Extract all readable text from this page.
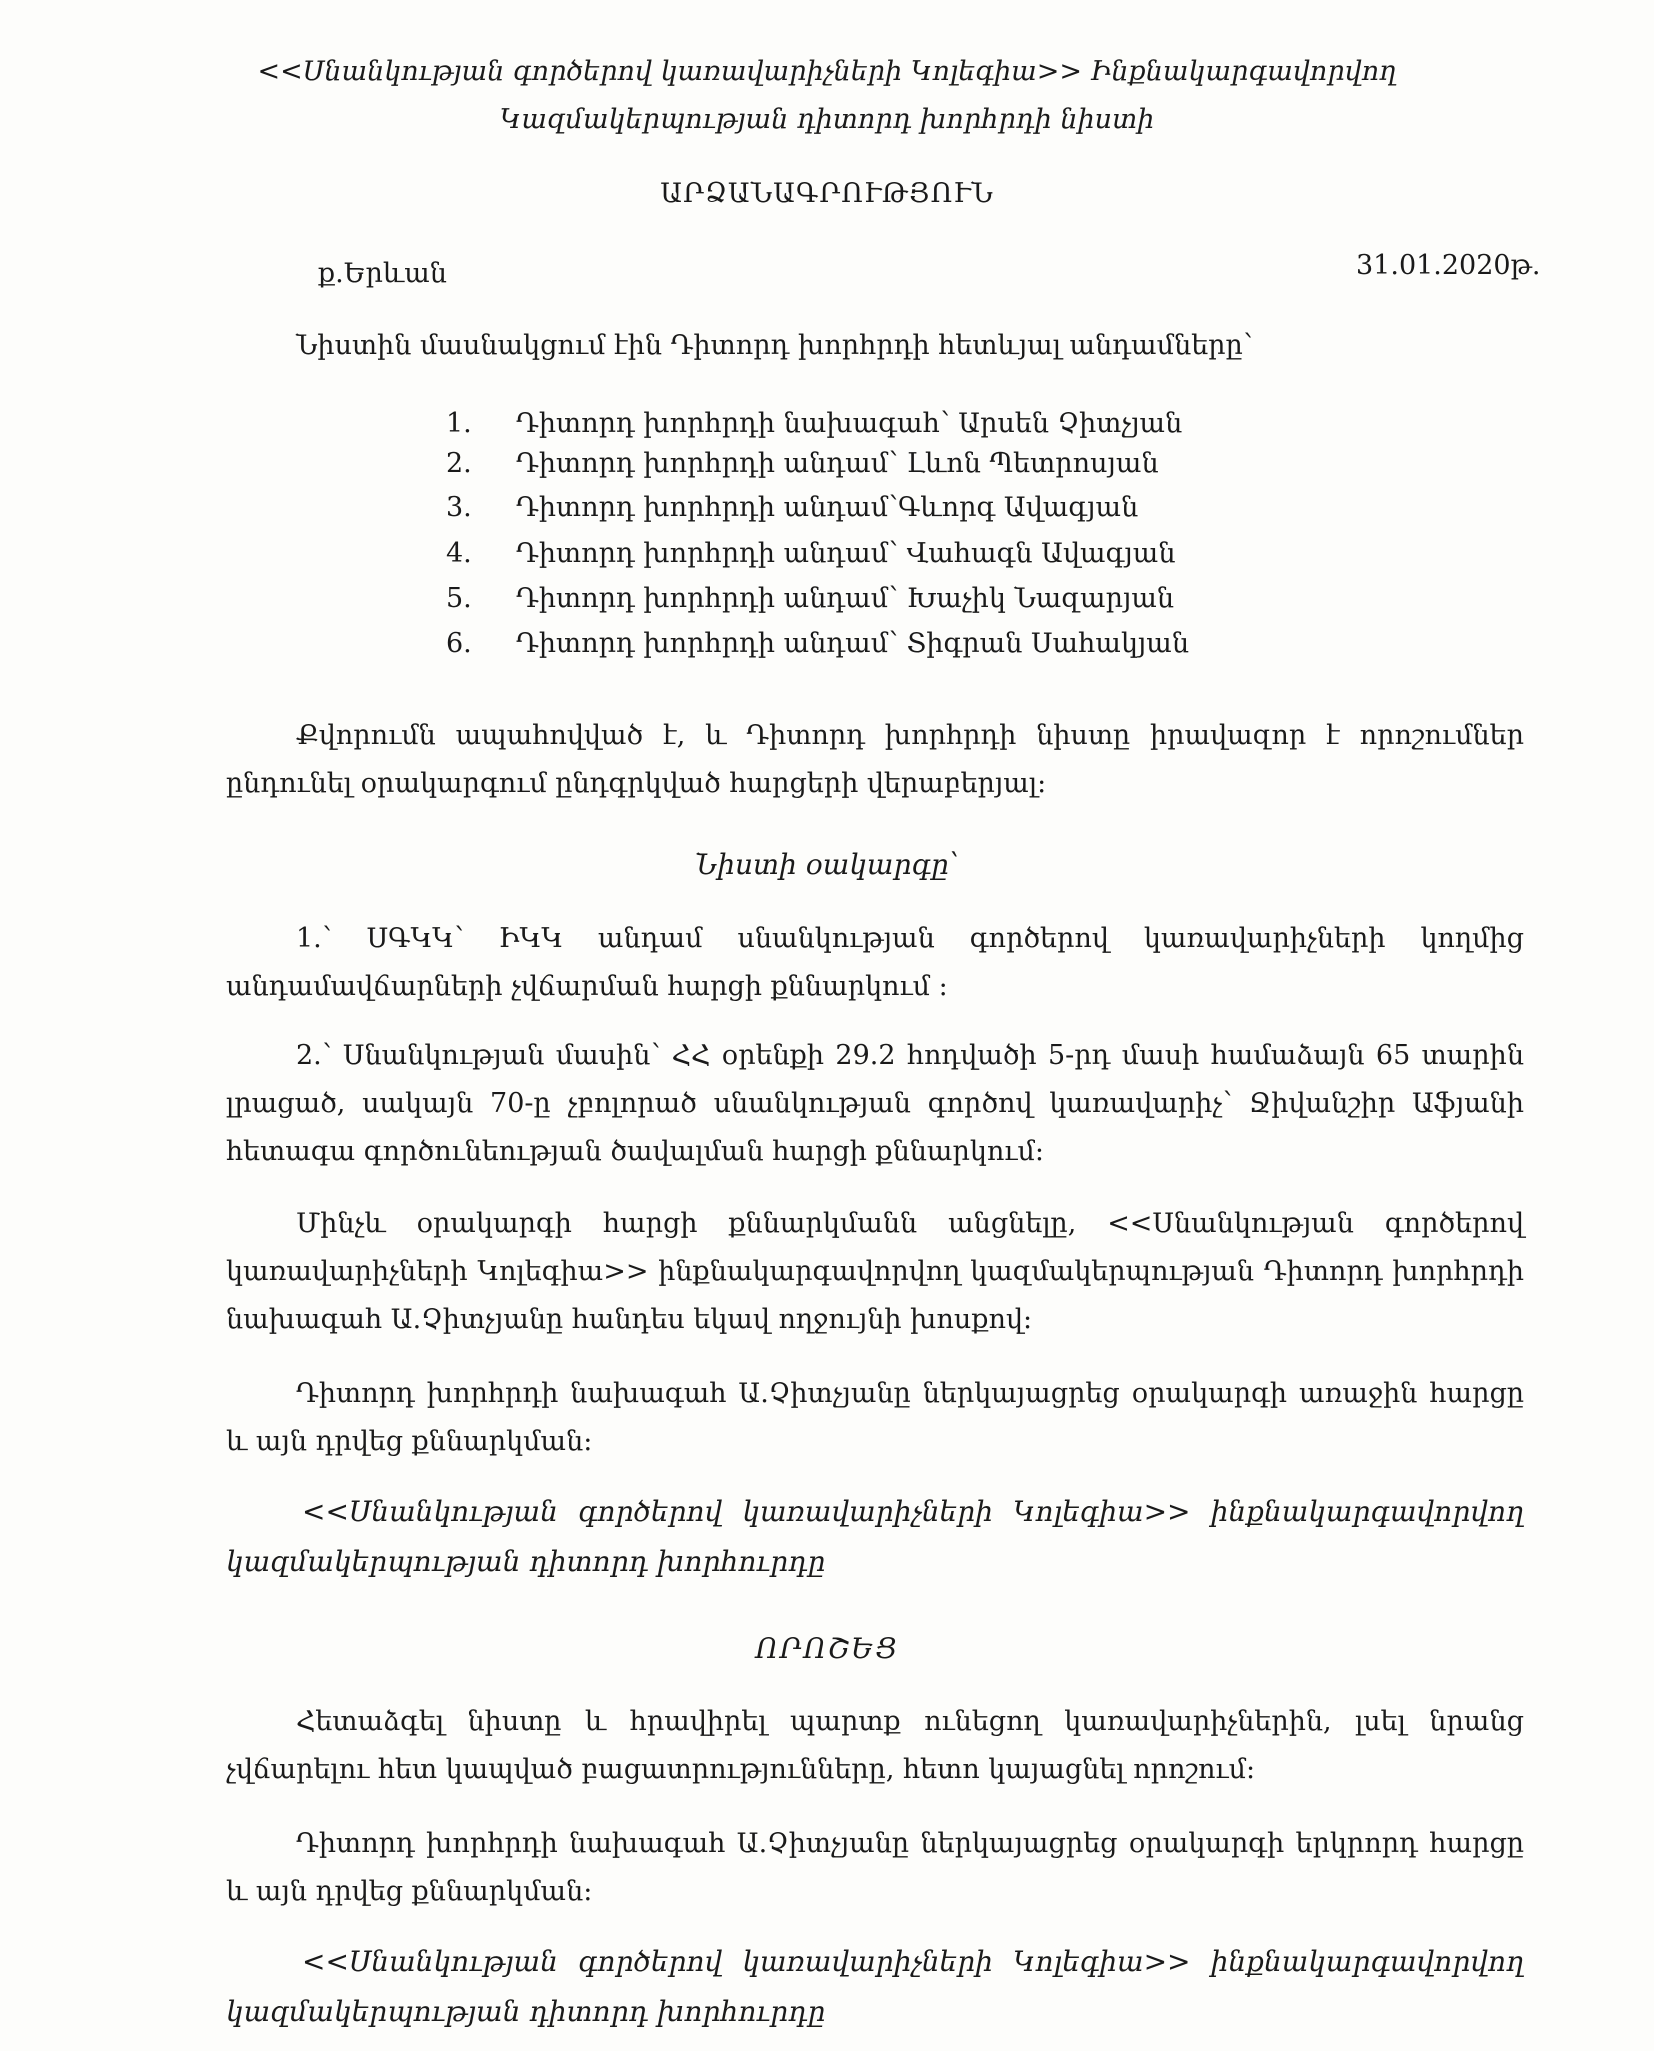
<<Սնանկության գործերով կառավարիչների Կոլեգիա>> Ինքնակարգավորվող
Կազմակերպության դիտորդ խորհրդի նիստի
ԱՐՁԱՆԱԳՐՈՒԹՅՈՒՆ
ք.Երևան	31.01.2020թ.
Նիստին մասնակցում էին Դիտորդ խորհրդի հետևյալ անդամները՝
1. Դիտորդ խորհրդի նախագահ՝ Արսեն Չիտչյան
2. Դիտորդ խորհրդի անդամ՝ Լևոն Պետրոսյան
3. Դիտորդ խորհրդի անդամ՝Գևորգ Ավագյան
4. Դիտորդ խորհրդի անդամ՝ Վահագն Ավագյան
5. Դիտորդ խորհրդի անդամ՝ Խաչիկ Նազարյան
6. Դիտորդ խորհրդի անդամ՝ Տիգրան Սահակյան
Քվորումն ապահովված է, և Դիտորդ խորհրդի նիստը իրավազոր է որոշումներ ընդունել օրակարգում ընդգրկված հարցերի վերաբերյալ:
Նիստի օակարգը՝
1.՝ ՍԳԿԿ՝ ԻԿԿ անդամ սնանկության գործերով կառավարիչների կողմից անդամավճարների չվճարման հարցի քննարկում :
2.՝ Սնանկության մասին՝ ՀՀ օրենքի 29.2 հոդվածի 5-րդ մասի համաձայն 65 տարին լրացած, սակայն 70-ը չբոլորած սնանկության գործով կառավարիչ՝ Ջիվանշիր Աֆյանի հետագա գործունեության ծավալման հարցի քննարկում:
Մինչև օրակարգի հարցի քննարկմանն անցնելը, <<Սնանկության գործերով կառավարիչների Կոլեգիա>> ինքնակարգավորվող կազմակերպության Դիտորդ խորհրդի նախագահ Ա.Չիտչյանը հանդես եկավ ողջույնի խոսքով:
Դիտորդ խորհրդի նախագահ Ա.Չիտչյանը ներկայացրեց օրակարգի առաջին հարցը և այն դրվեց քննարկման:
<<Սնանկության գործերով կառավարիչների Կոլեգիա>> ինքնակարգավորվող կազմակերպության դիտորդ խորհուրդը
ՈՐՈՇԵՑ
Հետաձգել նիստը և հրավիրել պարտք ունեցող կառավարիչներին, լսել նրանց չվճարելու հետ կապված բացատրությունները, հետո կայացնել որոշում:
Դիտորդ խորհրդի նախագահ Ա.Չիտչյանը ներկայացրեց օրակարգի երկրորդ հարցը և այն դրվեց քննարկման:
<<Սնանկության գործերով կառավարիչների Կոլեգիա>> ինքնակարգավորվող կազմակերպության դիտորդ խորհուրդը
